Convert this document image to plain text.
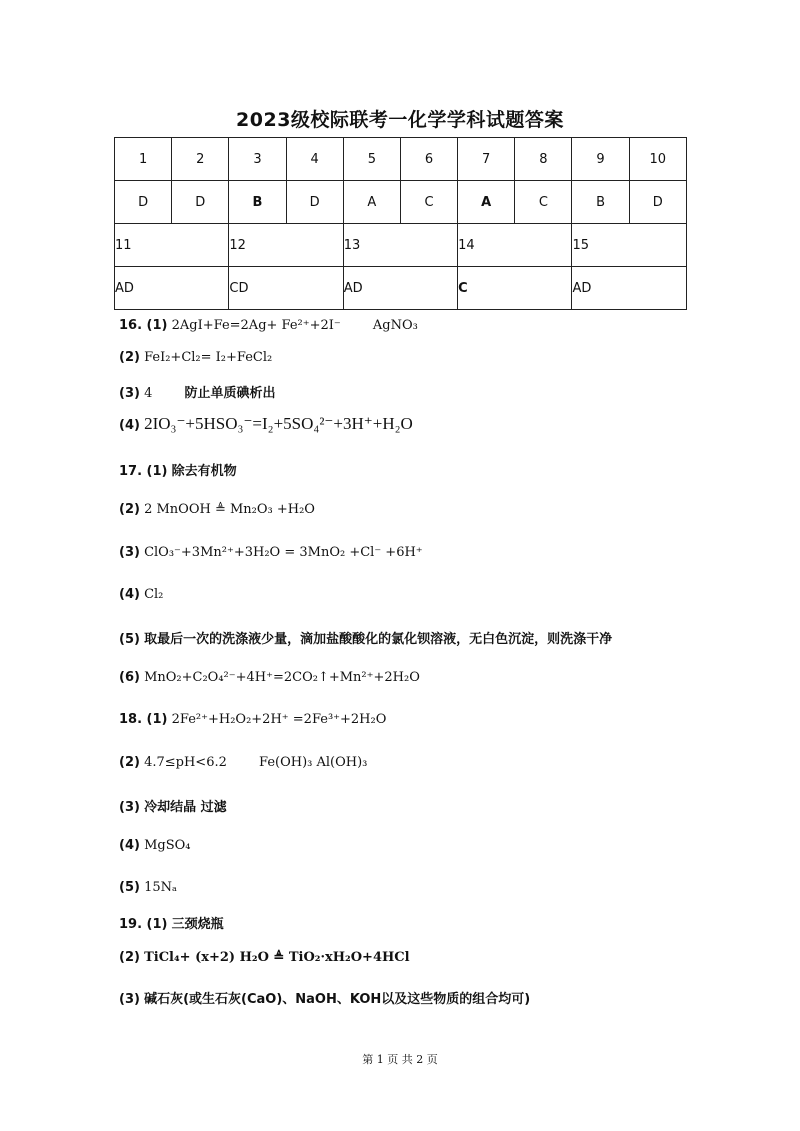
2023级校际联考一化学学科试题答案
1	2	3	4	5	6	7	8	9	10
D	D	B	D	A	C	A	C	B	D
11		12		13		14		15	
AD		CD		AD		C		AD	
16. (1) 2AgI+Fe=2Ag+ Fe²⁺+2I⁻ AgNO₃
(2) FeI₂+Cl₂= I₂+FeCl₂
(3) 4 防止单质碘析出
(4) 2IO₃⁻+5HSO₃⁻=I₂+5SO₄²⁻+3H⁺+H₂O
17. (1) 除去有机物
(2) 2 MnOOH ≜ Mn₂O₃ +H₂O
(3) ClO₃⁻+3Mn²⁺+3H₂O = 3MnO₂ +Cl⁻ +6H⁺
(4) Cl₂
(5) 取最后一次的洗涤液少量，滴加盐酸酸化的氯化钡溶液，无白色沉淀，则洗涤干净
(6) MnO₂+C₂O₄²⁻+4H⁺=2CO₂↑+Mn²⁺+2H₂O
18. (1) 2Fe²⁺+H₂O₂+2H⁺ =2Fe³⁺+2H₂O
(2) 4.7≤pH<6.2 Fe(OH)₃ Al(OH)₃
(3) 冷却结晶 过滤
(4) MgSO₄
(5) 15Nₐ
19. (1) 三颈烧瓶
(2) TiCl₄+ (x+2) H₂O ≜ TiO₂·xH₂O+4HCl
(3) 碱石灰(或生石灰(CaO)、NaOH、KOH以及这些物质的组合均可)
第 1 页 共 2 页
